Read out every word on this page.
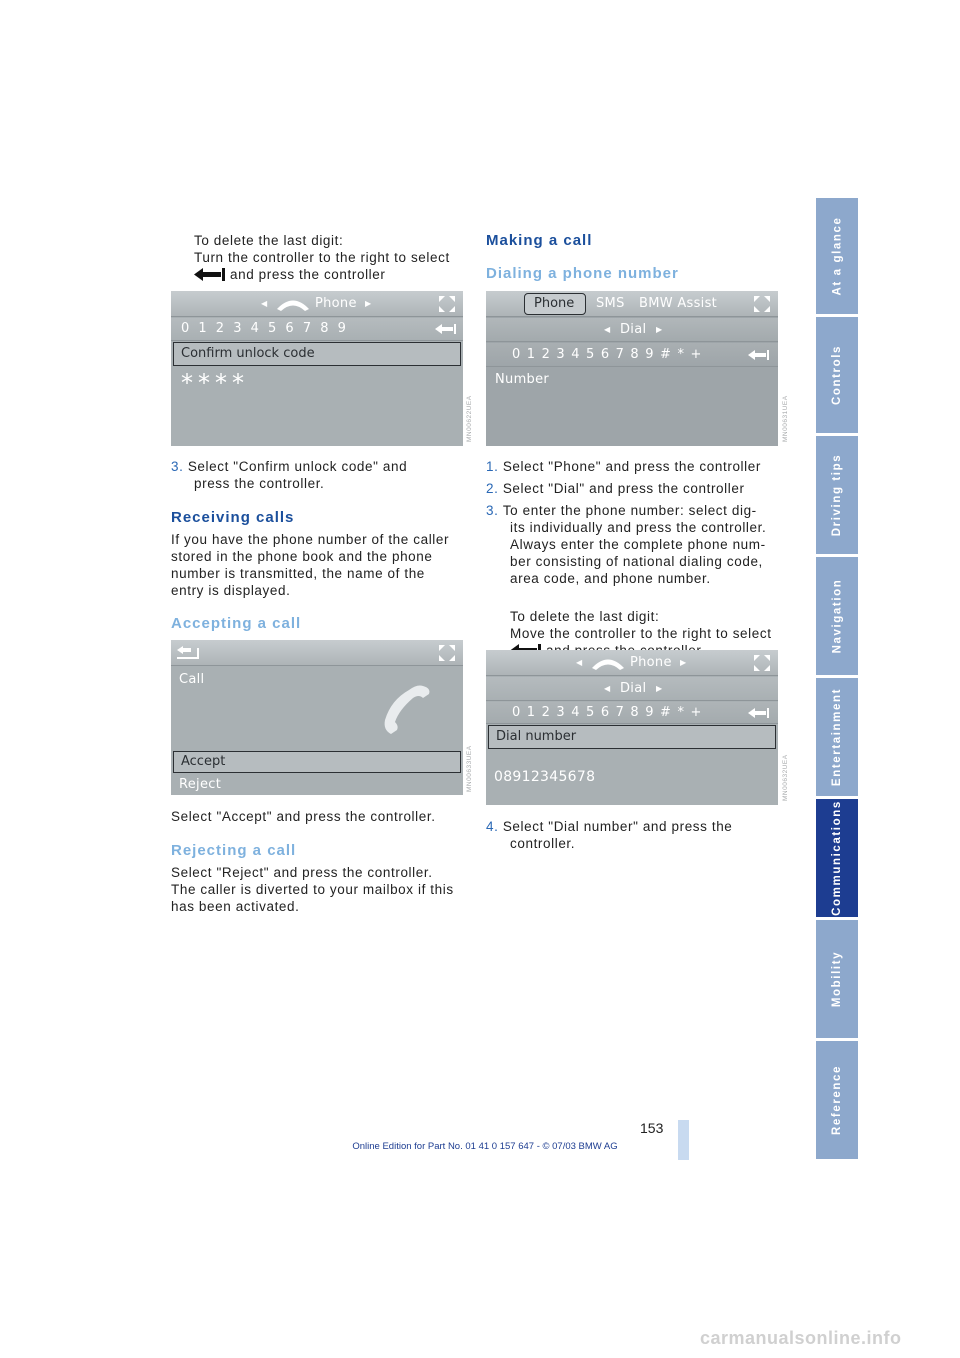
To delete the last digit:
Turn the controller to the right to select
and press the controller
◀	Phone ▶
0 1 2 3 4 5 6 7 8 9
Confirm unlock code
****
MN00622UEA
3. Select "Confirm unlock code" and
press the controller.
Receiving calls
If you have the phone number of the caller
stored in the phone book and the phone
number is transmitted, the name of the
entry is displayed.
Accepting a call
Call
Accept
Reject	MN00633UEA
Select "Accept" and press the controller.
Rejecting a call
Select "Reject" and press the controller.
The caller is diverted to your mailbox if this
has been activated.
Making a call
Dialing a phone number
Phone SMS BMW Assist
◀ Dial ▶
0 1 2 3 4 5 6 7 8 9 # * +
Number
MN00631UEA
1. Select "Phone" and press the controller
2. Select "Dial" and press the controller
3. To enter the phone number: select dig-
its individually and press the controller.
Always enter the complete phone num-
ber consisting of national dialing code,
area code, and phone number.
To delete the last digit:
Move the controller to the right to select
◀	Phone ▶
◀ Dial ▶
0 1 2 3 4 5 6 7 8 9 # * +
Dial number
08912345678	MN00632UEA
4. Select "Dial number" and press the
controller.
At a glance
Controls
Driving tips
Navigation
Entertainment
Communications
Mobility
Reference
153
Online Edition for Part No. 01 41 0 157 647 - © 07/03 BMW AG
carmanualsonline.info
